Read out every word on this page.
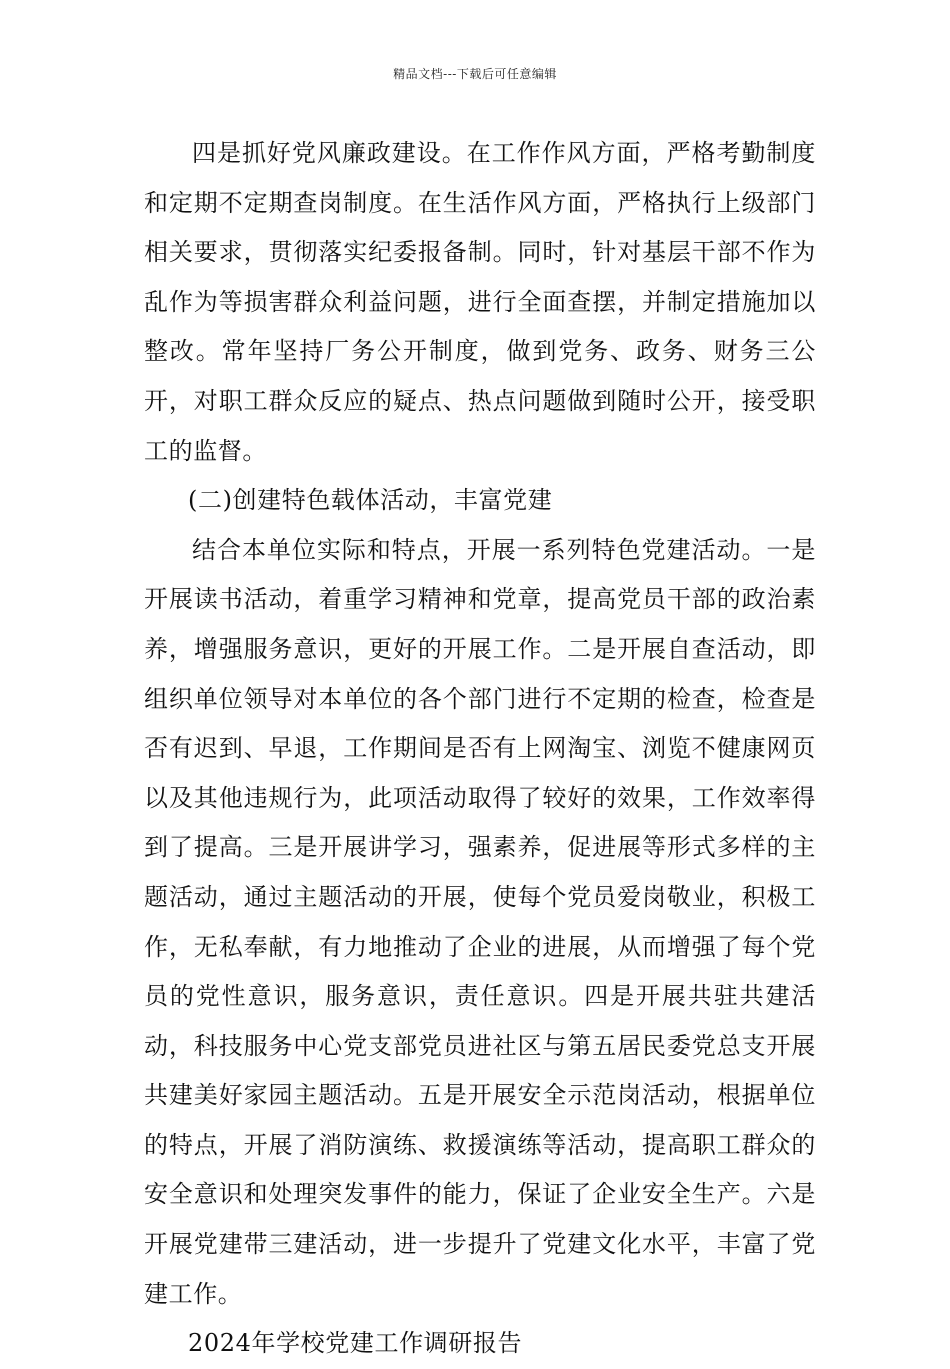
精品文档---下载后可任意编辑

四是抓好党风廉政建设。在工作作风方面，严格考勤制度和定期不定期查岗制度。在生活作风方面，严格执行上级部门相关要求，贯彻落实纪委报备制。同时，针对基层干部不作为乱作为等损害群众利益问题，进行全面查摆，并制定措施加以整改。常年坚持厂务公开制度，做到党务、政务、财务三公开，对职工群众反应的疑点、热点问题做到随时公开，接受职工的监督。

(二)创建特色载体活动，丰富党建

结合本单位实际和特点，开展一系列特色党建活动。一是开展读书活动，着重学习精神和党章，提高党员干部的政治素养，增强服务意识，更好的开展工作。二是开展自查活动，即组织单位领导对本单位的各个部门进行不定期的检查，检查是否有迟到、早退，工作期间是否有上网淘宝、浏览不健康网页以及其他违规行为，此项活动取得了较好的效果，工作效率得到了提高。三是开展讲学习，强素养，促进展等形式多样的主题活动，通过主题活动的开展，使每个党员爱岗敬业，积极工作，无私奉献，有力地推动了企业的进展，从而增强了每个党员的党性意识，服务意识，责任意识。四是开展共驻共建活动，科技服务中心党支部党员进社区与第五居民委党总支开展共建美好家园主题活动。五是开展安全示范岗活动，根据单位的特点，开展了消防演练、救援演练等活动，提高职工群众的安全意识和处理突发事件的能力，保证了企业安全生产。六是开展党建带三建活动，进一步提升了党建文化水平，丰富了党建工作。

2024年学校党建工作调研报告
